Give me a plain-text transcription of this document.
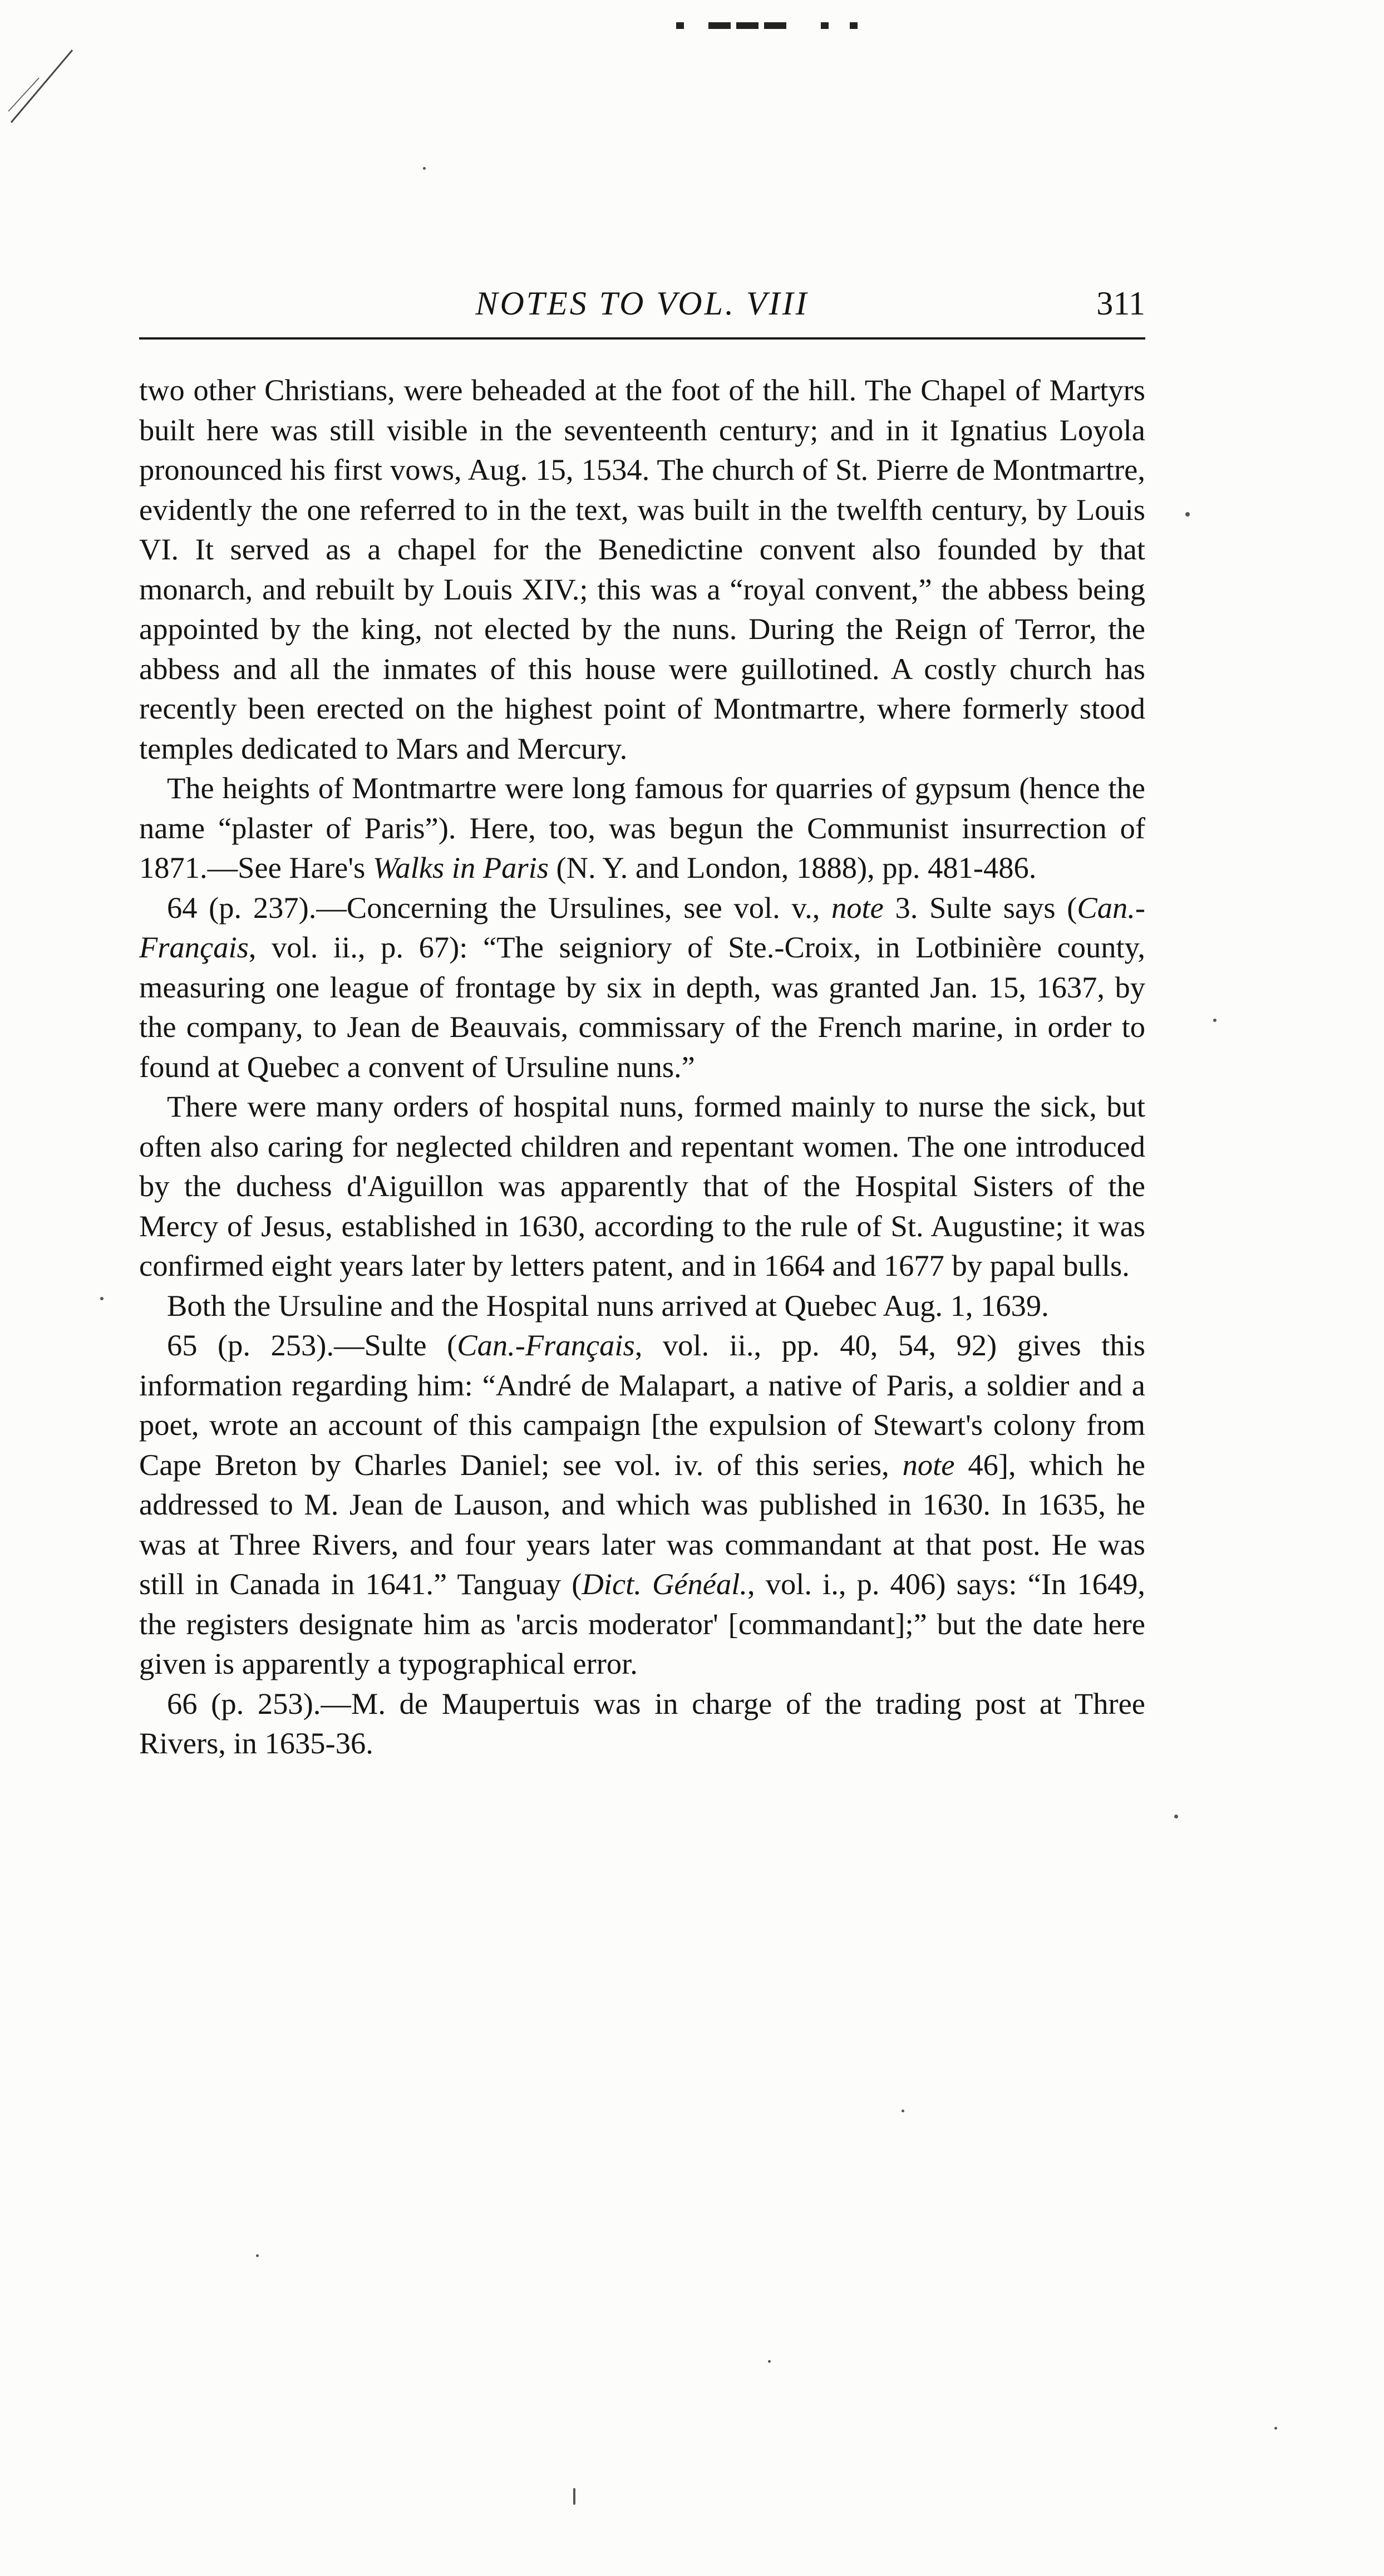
NOTES TO VOL. VIII	311

two other Christians, were beheaded at the foot of the hill. The Chapel of Martyrs built here was still visible in the seventeenth century; and in it Ignatius Loyola pronounced his first vows, Aug. 15, 1534. The church of St. Pierre de Montmartre, evidently the one referred to in the text, was built in the twelfth century, by Louis VI. It served as a chapel for the Benedictine convent also founded by that monarch, and rebuilt by Louis XIV.; this was a “royal convent,” the abbess being appointed by the king, not elected by the nuns. During the Reign of Terror, the abbess and all the inmates of this house were guillotined. A costly church has recently been erected on the highest point of Montmartre, where formerly stood temples dedicated to Mars and Mercury.

The heights of Montmartre were long famous for quarries of gypsum (hence the name “plaster of Paris”). Here, too, was begun the Communist insurrection of 1871.—See Hare's Walks in Paris (N. Y. and London, 1888), pp. 481-486.

64 (p. 237).—Concerning the Ursulines, see vol. v., note 3. Sulte says (Can.-Français, vol. ii., p. 67): “The seigniory of Ste.-Croix, in Lotbinière county, measuring one league of frontage by six in depth, was granted Jan. 15, 1637, by the company, to Jean de Beauvais, commissary of the French marine, in order to found at Quebec a convent of Ursuline nuns.”

There were many orders of hospital nuns, formed mainly to nurse the sick, but often also caring for neglected children and repentant women. The one introduced by the duchess d'Aiguillon was apparently that of the Hospital Sisters of the Mercy of Jesus, established in 1630, according to the rule of St. Augustine; it was confirmed eight years later by letters patent, and in 1664 and 1677 by papal bulls.

Both the Ursuline and the Hospital nuns arrived at Quebec Aug. 1, 1639.

65 (p. 253).—Sulte (Can.-Français, vol. ii., pp. 40, 54, 92) gives this information regarding him: “André de Malapart, a native of Paris, a soldier and a poet, wrote an account of this campaign [the expulsion of Stewart's colony from Cape Breton by Charles Daniel; see vol. iv. of this series, note 46], which he addressed to M. Jean de Lauson, and which was published in 1630. In 1635, he was at Three Rivers, and four years later was commandant at that post. He was still in Canada in 1641.” Tanguay (Dict. Généal., vol. i., p. 406) says: “In 1649, the registers designate him as 'arcis moderator' [commandant];” but the date here given is apparently a typographical error.

66 (p. 253).—M. de Maupertuis was in charge of the trading post at Three Rivers, in 1635-36.
